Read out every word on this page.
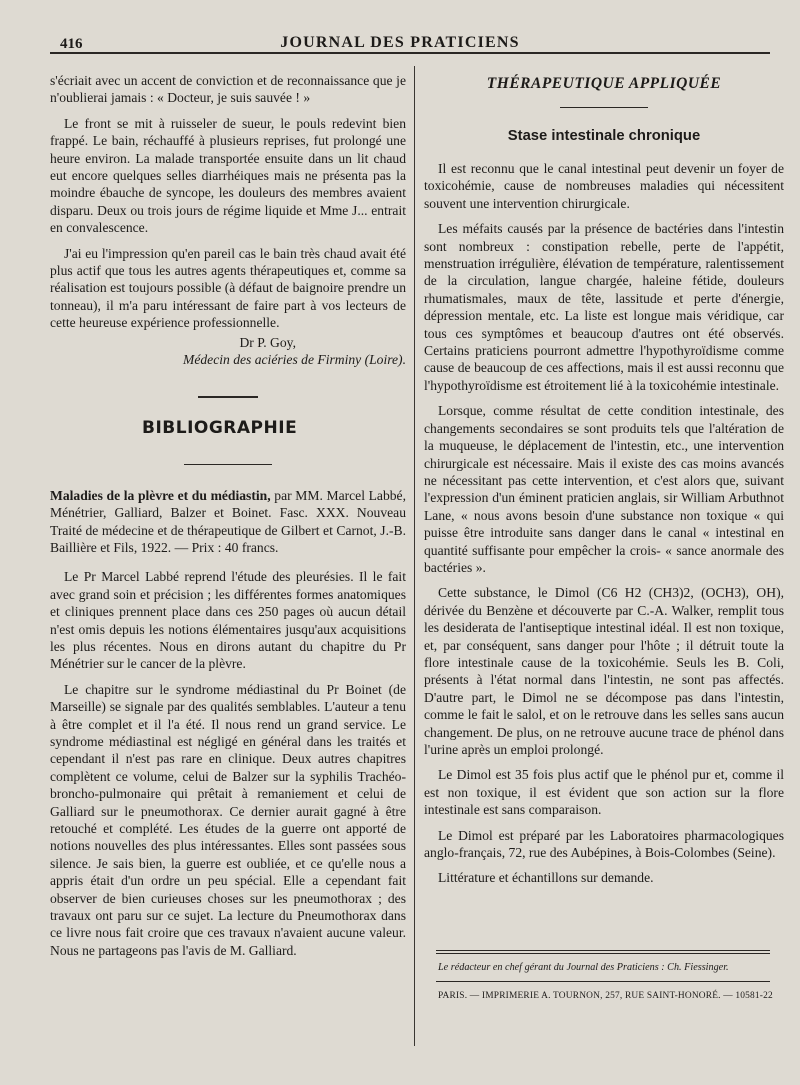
416	JOURNAL DES PRATICIENS

s'écriait avec un accent de conviction et de reconnaissance que je n'oublierai jamais : « Docteur, je suis sauvée ! »

Le front se mit à ruisseler de sueur, le pouls redevint bien frappé. Le bain, réchauffé à plusieurs reprises, fut prolongé une heure environ. La malade transportée ensuite dans un lit chaud eut encore quelques selles diarrhéiques mais ne présenta pas la moindre ébauche de syncope, les douleurs des membres avaient disparu. Deux ou trois jours de régime liquide et Mme J... entrait en convalescence.

J'ai eu l'impression qu'en pareil cas le bain très chaud avait été plus actif que tous les autres agents thérapeutiques et, comme sa réalisation est toujours possible (à défaut de baignoire prendre un tonneau), il m'a paru intéressant de faire part à vos lecteurs de cette heureuse expérience professionnelle.

Dr P. Goy,
Médecin des aciéries de Firminy (Loire).
BIBLIOGRAPHIE

Maladies de la plèvre et du médiastin, par MM. Marcel Labbé, Ménétrier, Galliard, Balzer et Boinet. Fasc. XXX. Nouveau Traité de médecine et de thérapeutique de Gilbert et Carnot, J.-B. Baillière et Fils, 1922. — Prix : 40 francs.

Le Pr Marcel Labbé reprend l'étude des pleurésies. Il le fait avec grand soin et précision ; les différentes formes anatomiques et cliniques prennent place dans ces 250 pages où aucun détail n'est omis depuis les notions élémentaires jusqu'aux acquisitions les plus récentes. Nous en dirons autant du chapitre du Pr Ménétrier sur le cancer de la plèvre.

Le chapitre sur le syndrome médiastinal du Pr Boinet (de Marseille) se signale par des qualités semblables. L'auteur a tenu à être complet et il l'a été. Il nous rend un grand service. Le syndrome médiastinal est négligé en général dans les traités et cependant il n'est pas rare en clinique. Deux autres chapitres complètent ce volume, celui de Balzer sur la syphilis Trachéo-broncho-pulmonaire qui prêtait à remaniement et celui de Galliard sur le pneumothorax. Ce dernier aurait gagné à être retouché et complété. Les études de la guerre ont apporté de notions nouvelles des plus intéressantes. Elles sont passées sous silence. Je sais bien, la guerre est oubliée, et ce qu'elle nous a appris était d'un ordre un peu spécial. Elle a cependant fait observer de bien curieuses choses sur les pneumothorax ; des travaux ont paru sur ce sujet. La lecture du Pneumothorax dans ce livre nous fait croire que ces travaux n'avaient aucune valeur. Nous ne partageons pas l'avis de M. Galliard.

THÉRAPEUTIQUE APPLIQUÉE
Stase intestinale chronique

Il est reconnu que le canal intestinal peut devenir un foyer de toxicohémie, cause de nombreuses maladies qui nécessitent souvent une intervention chirurgicale.

Les méfaits causés par la présence de bactéries dans l'intestin sont nombreux : constipation rebelle, perte de l'appétit, menstruation irrégulière, élévation de température, ralentissement de la circulation, langue chargée, haleine fétide, douleurs rhumatismales, maux de tête, lassitude et perte d'énergie, dépression mentale, etc. La liste est longue mais véridique, car tous ces symptômes et beaucoup d'autres ont été observés. Certains praticiens pourront admettre l'hypothyroïdisme comme cause de beaucoup de ces affections, mais il est aussi reconnu que l'hypothyroïdisme est étroitement lié à la toxicohémie intestinale.

Lorsque, comme résultat de cette condition intestinale, des changements secondaires se sont produits tels que l'altération de la muqueuse, le déplacement de l'intestin, etc., une intervention chirurgicale est nécessaire. Mais il existe des cas moins avancés ne nécessitant pas cette intervention, et c'est alors que, suivant l'expression d'un éminent praticien anglais, sir William Arbuthnot Lane, « nous avons besoin d'une substance non toxique « qui puisse être introduite sans danger dans le canal « intestinal en quantité suffisante pour empêcher la crois- « sance anormale des bactéries ».

Cette substance, le Dimol (C6 H2 (CH3)2, (OCH3), OH), dérivée du Benzène et découverte par C.-A. Walker, remplit tous les desiderata de l'antiseptique intestinal idéal. Il est non toxique, et, par conséquent, sans danger pour l'hôte ; il détruit toute la flore intestinale cause de la toxicohémie. Seuls les B. Coli, présents à l'état normal dans l'intestin, ne sont pas affectés. D'autre part, le Dimol ne se décompose pas dans l'intestin, comme le fait le salol, et on le retrouve dans les selles sans aucun changement. De plus, on ne retrouve aucune trace de phénol dans l'urine après un emploi prolongé.

Le Dimol est 35 fois plus actif que le phénol pur et, comme il est non toxique, il est évident que son action sur la flore intestinale est sans comparaison.

Le Dimol est préparé par les Laboratoires pharmacologiques anglo-français, 72, rue des Aubépines, à Bois-Colombes (Seine).

Littérature et échantillons sur demande.

Le rédacteur en chef gérant du Journal des Praticiens : Ch. Fiessinger.
PARIS. — IMPRIMERIE A. TOURNON, 257, RUE SAINT-HONORÉ. — 10581-22
